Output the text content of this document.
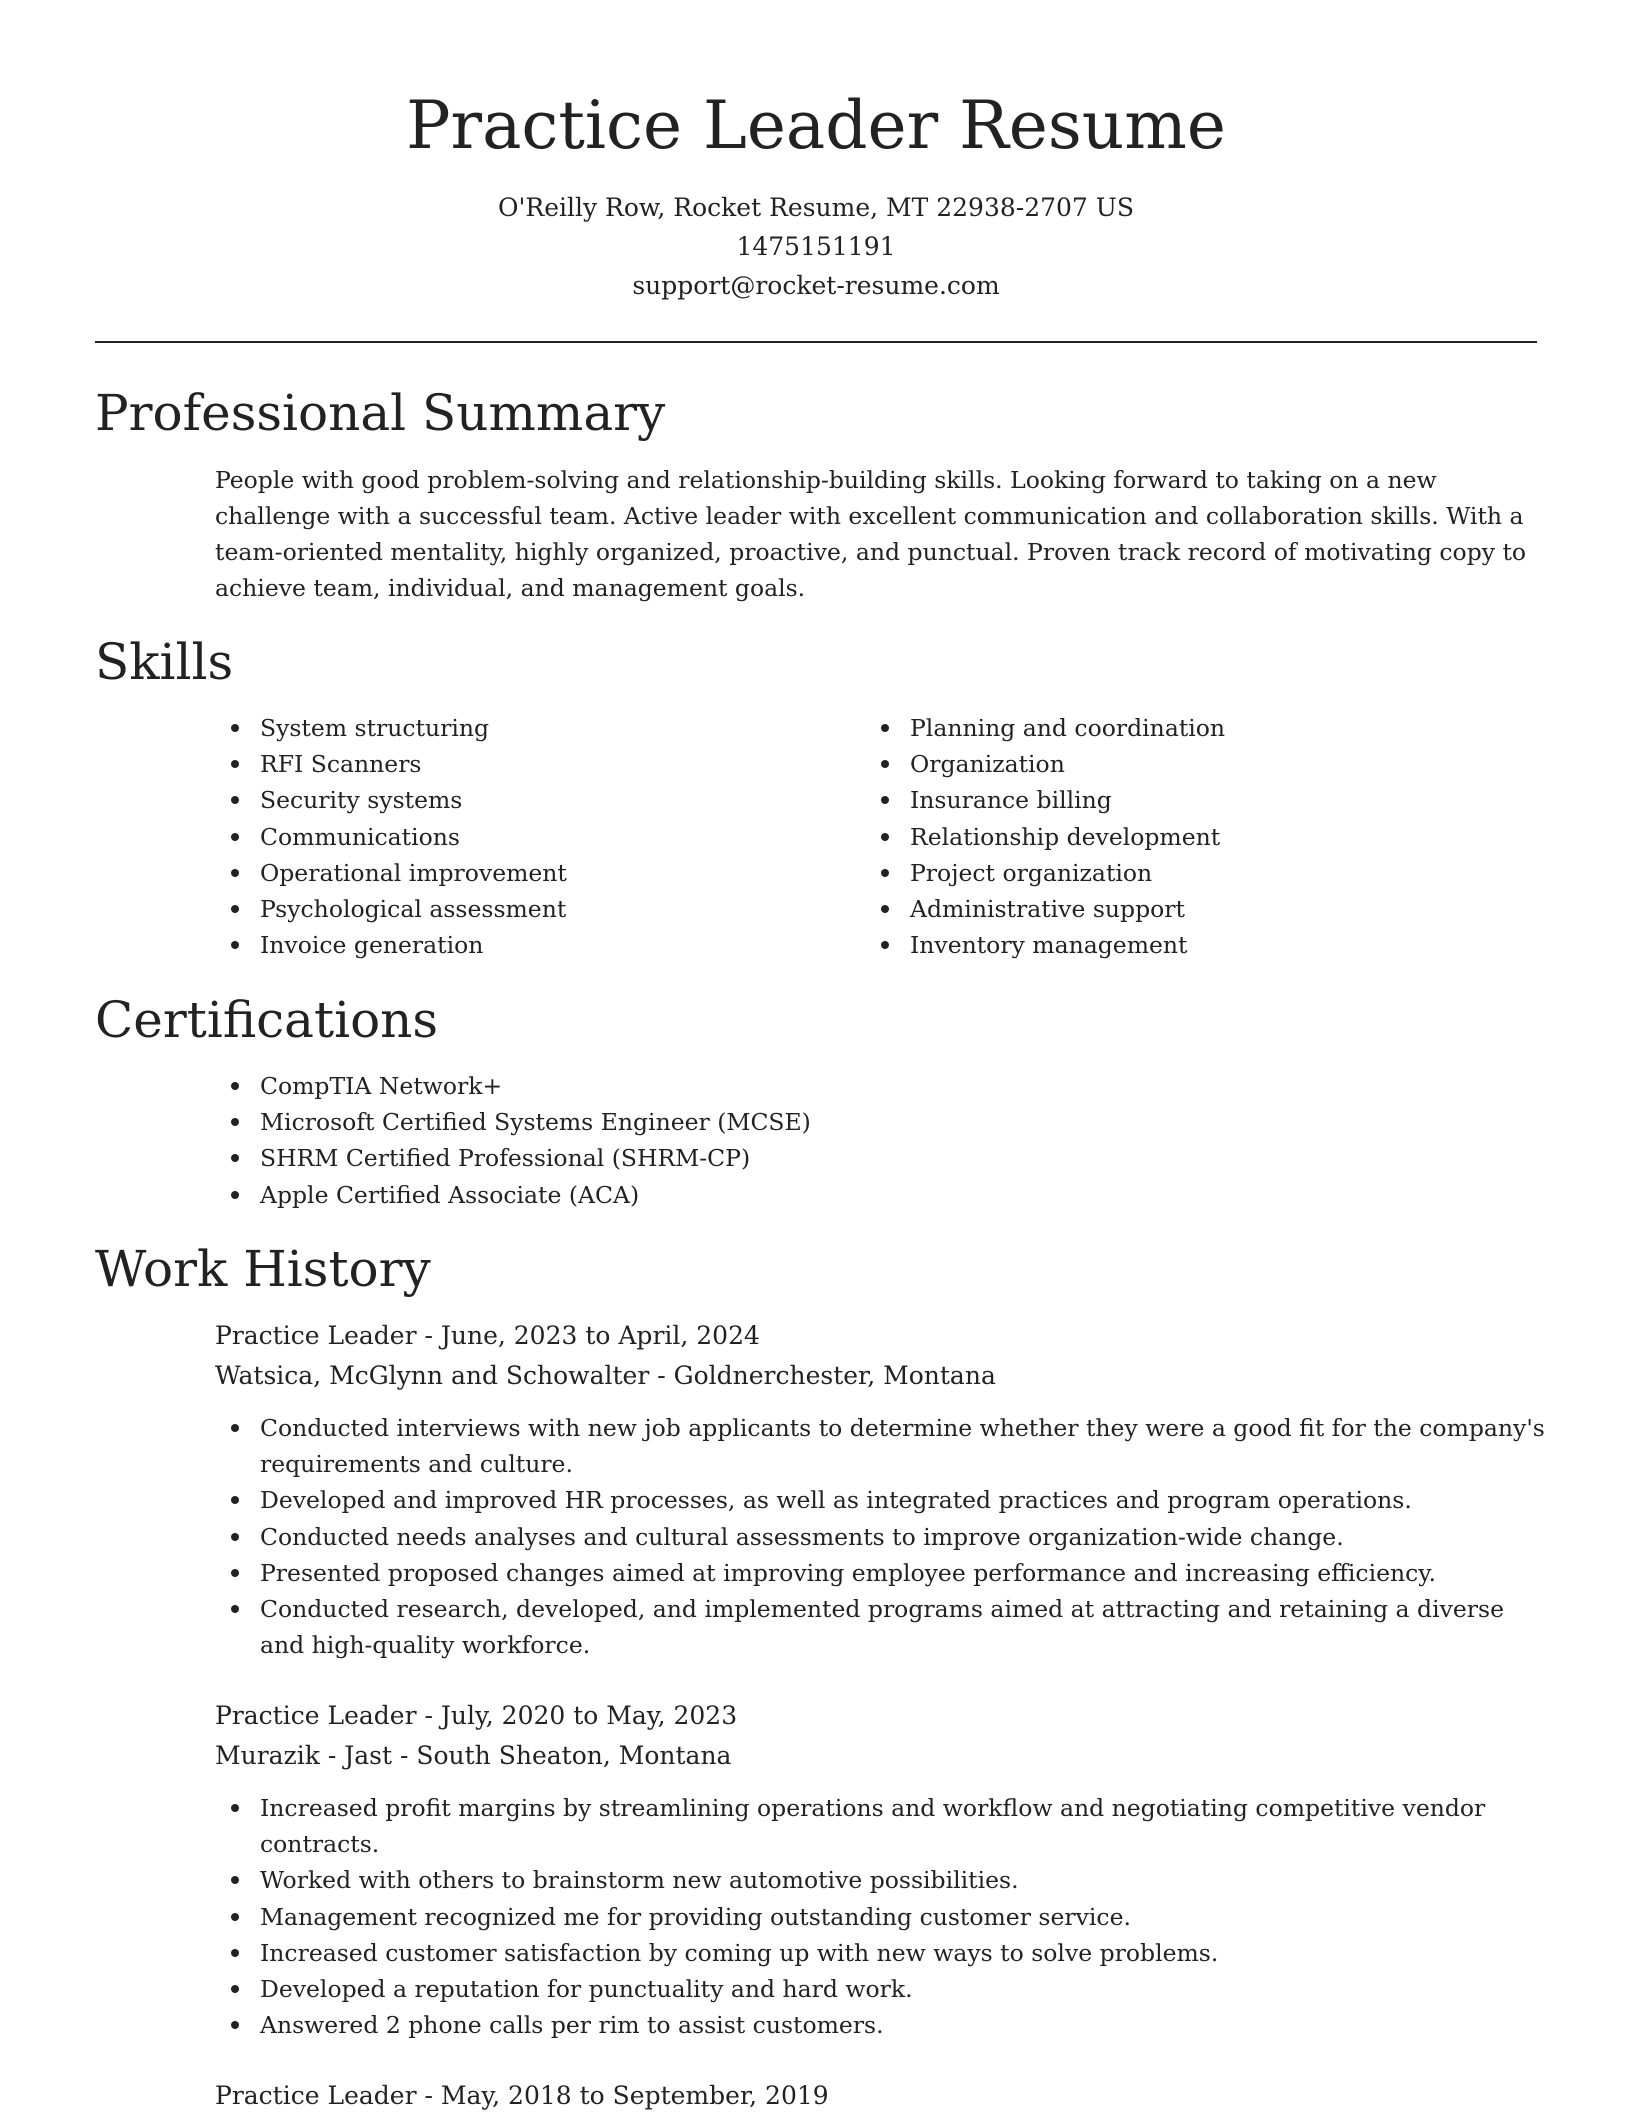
Practice Leader Resume
O'Reilly Row, Rocket Resume, MT 22938-2707 US
1475151191
support@rocket-resume.com
Professional Summary

People with good problem-solving and relationship-building skills. Looking forward to taking on a new challenge with a successful team. Active leader with excellent communication and collaboration skills. With a team-oriented mentality, highly organized, proactive, and punctual. Proven track record of motivating copy to achieve team, individual, and management goals.

Skills
System structuring
RFI Scanners
Security systems
Communications
Operational improvement
Psychological assessment
Invoice generation
Planning and coordination
Organization
Insurance billing
Relationship development
Project organization
Administrative support
Inventory management
Certifications
CompTIA Network+
Microsoft Certified Systems Engineer (MCSE)
SHRM Certified Professional (SHRM-CP)
Apple Certified Associate (ACA)
Work History
Practice Leader - June, 2023 to April, 2024
Watsica, McGlynn and Schowalter - Goldnerchester, Montana
Conducted interviews with new job applicants to determine whether they were a good fit for the company's requirements and culture.
Developed and improved HR processes, as well as integrated practices and program operations.
Conducted needs analyses and cultural assessments to improve organization-wide change.
Presented proposed changes aimed at improving employee performance and increasing efficiency.
Conducted research, developed, and implemented programs aimed at attracting and retaining a diverse and high-quality workforce.
Practice Leader - July, 2020 to May, 2023
Murazik - Jast - South Sheaton, Montana
Increased profit margins by streamlining operations and workflow and negotiating competitive vendor contracts.
Worked with others to brainstorm new automotive possibilities.
Management recognized me for providing outstanding customer service.
Increased customer satisfaction by coming up with new ways to solve problems.
Developed a reputation for punctuality and hard work.
Answered 2 phone calls per rim to assist customers.
Practice Leader - May, 2018 to September, 2019
